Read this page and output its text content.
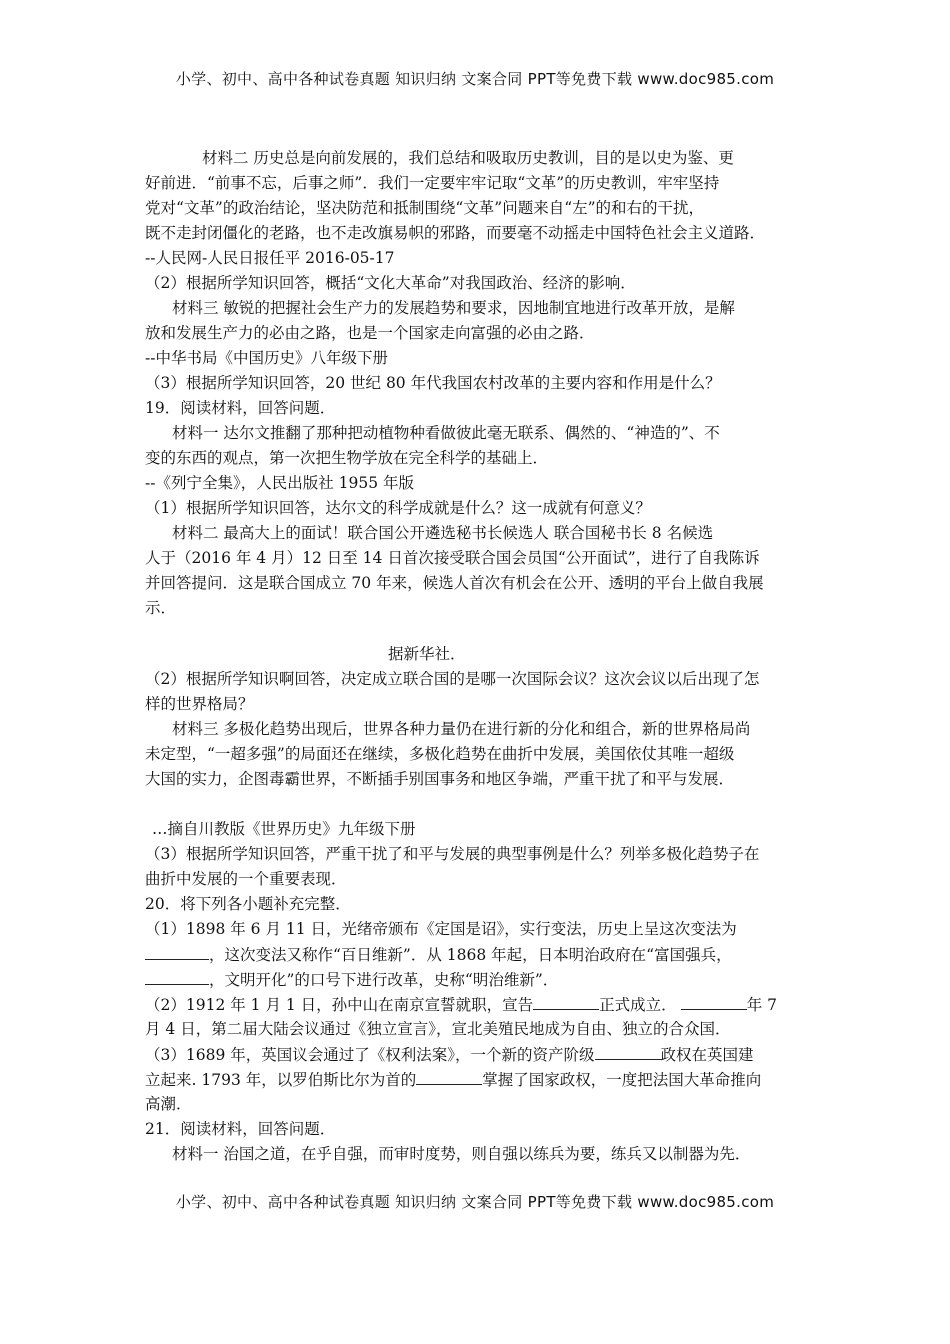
小学、初中、高中各种试卷真题 知识归纳 文案合同 PPT等免费下载 www.doc985.com
材料二 历史总是向前发展的，我们总结和吸取历史教训，目的是以史为鉴、更
好前进．“前事不忘，后事之师”．我们一定要牢牢记取“文革”的历史教训，牢牢坚持
党对“文革”的政治结论，坚决防范和抵制围绕“文革”问题来自“左”的和右的干扰，
既不走封闭僵化的老路，也不走改旗易帜的邪路，而要毫不动摇走中国特色社会主义道路．
--人民网-人民日报任平 2016-05-17
（2）根据所学知识回答，概括“文化大革命”对我国政治、经济的影响．
材料三 敏锐的把握社会生产力的发展趋势和要求，因地制宜地进行改革开放，是解
放和发展生产力的必由之路，也是一个国家走向富强的必由之路．
--中华书局《中国历史》八年级下册
（3）根据所学知识回答，20 世纪 80 年代我国农村改革的主要内容和作用是什么？
19．阅读材料，回答问题．
材料一 达尔文推翻了那种把动植物种看做彼此毫无联系、偶然的、“神造的”、不
变的东西的观点，第一次把生物学放在完全科学的基础上．
--《列宁全集》，人民出版社 1955 年版
（1）根据所学知识回答，达尔文的科学成就是什么？这一成就有何意义？
材料二 最高大上的面试！联合国公开遴选秘书长候选人 联合国秘书长 8 名候选
人于（2016 年 4 月）12 日至 14 日首次接受联合国会员国“公开面试”，进行了自我陈诉
并回答提问．这是联合国成立 70 年来，候选人首次有机会在公开、透明的平台上做自我展
示．
据新华社．
（2）根据所学知识啊回答，决定成立联合国的是哪一次国际会议？这次会议以后出现了怎
样的世界格局？
材料三 多极化趋势出现后，世界各种力量仍在进行新的分化和组合，新的世界格局尚
未定型，“一超多强”的局面还在继续，多极化趋势在曲折中发展，美国依仗其唯一超级
大国的实力，企图毒霸世界，不断插手别国事务和地区争端，严重干扰了和平与发展．
…摘自川教版《世界历史》九年级下册
（3）根据所学知识回答，严重干扰了和平与发展的典型事例是什么？列举多极化趋势子在
曲折中发展的一个重要表现．
20．将下列各小题补充完整．
（1）1898 年 6 月 11 日，光绪帝颁布《定国是诏》，实行变法，历史上呈这次变法为
，这次变法又称作“百日维新”．从 1868 年起，日本明治政府在“富国强兵，
，文明开化”的口号下进行改革，史称“明治维新”．
（2）1912 年 1 月 1 日，孙中山在南京宣誓就职，宣告	正式成立．	年 7
月 4 日，第二届大陆会议通过《独立宣言》，宣北美殖民地成为自由、独立的合众国．
（3）1689 年，英国议会通过了《权利法案》，一个新的资产阶级	政权在英国建
立起来. 1793 年，以罗伯斯比尔为首的	掌握了国家政权，一度把法国大革命推向
高潮．
21．阅读材料，回答问题．
材料一 治国之道，在乎自强，而审时度势，则自强以练兵为要，练兵又以制器为先．
小学、初中、高中各种试卷真题 知识归纳 文案合同 PPT等免费下载 www.doc985.com
